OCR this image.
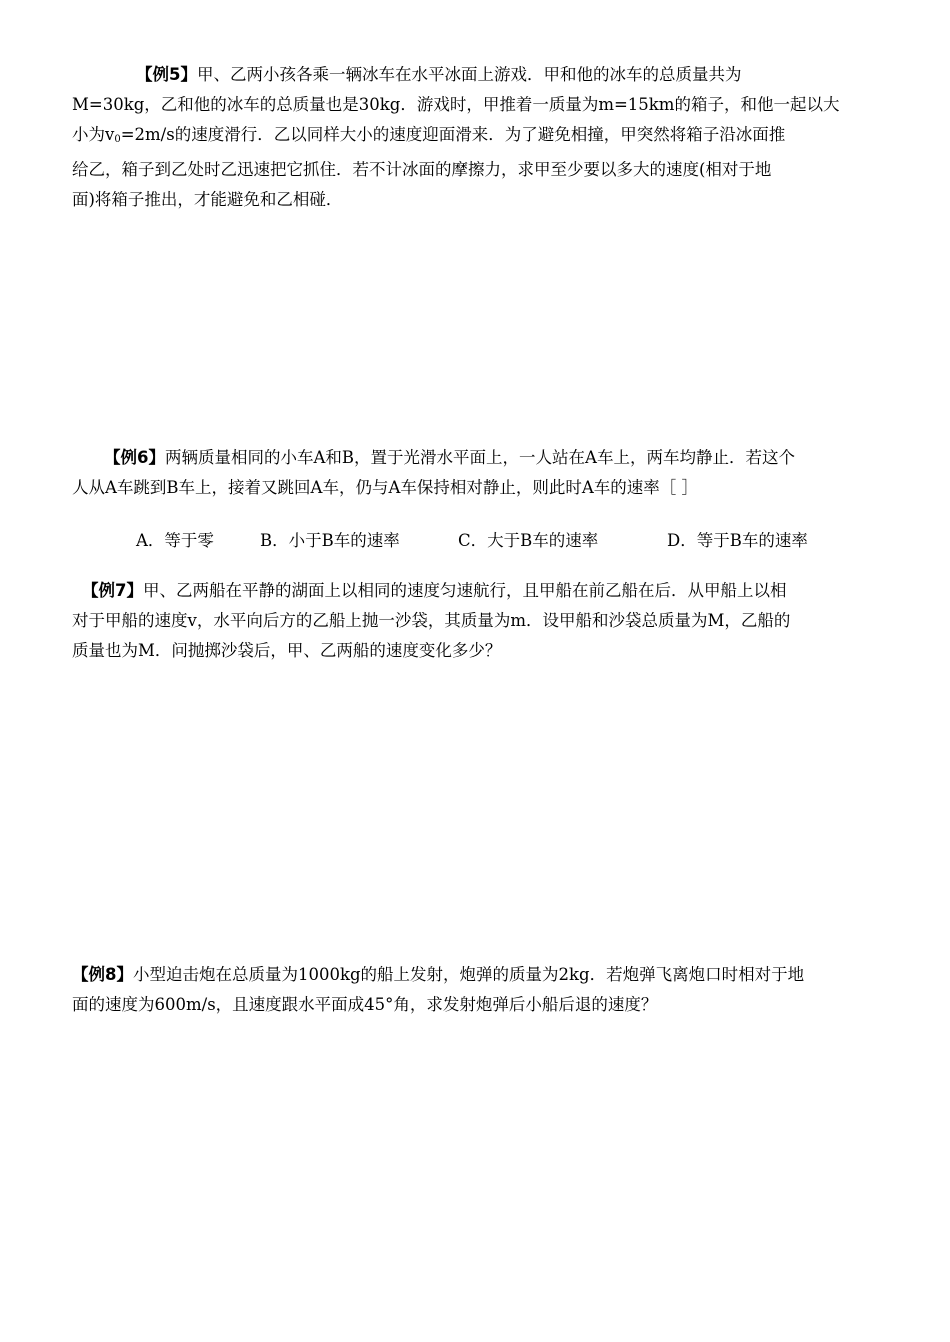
【例5】甲、乙两小孩各乘一辆冰车在水平冰面上游戏．甲和他的冰车的总质量共为
M=30kg，乙和他的冰车的总质量也是30kg．游戏时，甲推着一质量为m=15km的箱子，和他一起以大
小为$v_0=2m/s$的速度滑行．乙以同样大小的速度迎面滑来．为了避免相撞，甲突然将箱子沿冰面推
给乙，箱子到乙处时乙迅速把它抓住．若不计冰面的摩擦力，求甲至少要以多大的速度(相对于地
面)将箱子推出，才能避免和乙相碰．
【例6】两辆质量相同的小车A和B，置于光滑水平面上，一人站在A车上，两车均静止．若这个
人从A车跳到B车上，接着又跳回A车，仍与A车保持相对静止，则此时A车的速率［ ］
A．等于零	B．小于B车的速率	C．大于B车的速率	D．等于B车的速率
【例7】甲、乙两船在平静的湖面上以相同的速度匀速航行，且甲船在前乙船在后．从甲船上以相
对于甲船的速度v，水平向后方的乙船上抛一沙袋，其质量为m．设甲船和沙袋总质量为M，乙船的
质量也为M．问抛掷沙袋后，甲、乙两船的速度变化多少？
【例8】小型迫击炮在总质量为1000kg的船上发射，炮弹的质量为2kg．若炮弹飞离炮口时相对于地
面的速度为600m/s，且速度跟水平面成45°角，求发射炮弹后小船后退的速度？
